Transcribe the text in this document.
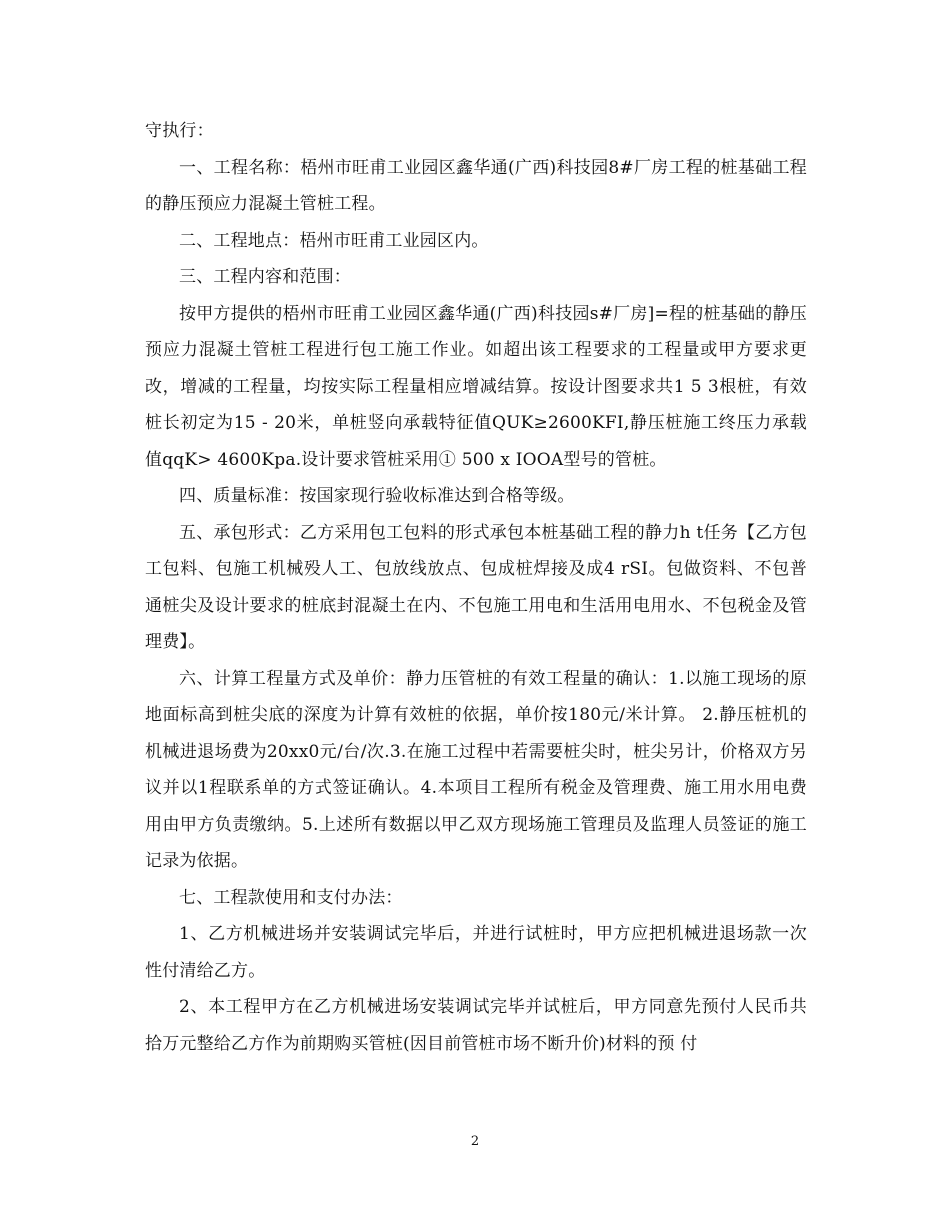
守执行：

一、工程名称：梧州市旺甫工业园区鑫华通(广西)科技园8#厂房工程的桩基础工程的静压预应力混凝土管桩工程。

二、工程地点：梧州市旺甫工业园区内。

三、工程内容和范围：

按甲方提供的梧州市旺甫工业园区鑫华通(广西)科技园s#厂房]=程的桩基础的静压预应力混凝土管桩工程进行包工施工作业。如超出该工程要求的工程量或甲方要求更改，增减的工程量，均按实际工程量相应增减结算。按设计图要求共1 5 3根桩，有效桩长初定为15 - 20米，单桩竖向承载特征值QUK≥2600KFI,静压桩施工终压力承载值qqK> 4600Kpa.设计要求管桩采用① 500 x IOOA型号的管桩。

四、质量标准：按国家现行验收标准达到合格等级。

五、承包形式：乙方采用包工包料的形式承包本桩基础工程的静力h t任务【乙方包工包料、包施工机械殁人工、包放线放点、包成桩焊接及成4 rSI。包做资料、不包普通桩尖及设计要求的桩底封混凝土在内、不包施工用电和生活用电用水、不包税金及管理费】。

六、计算工程量方式及单价：静力压管桩的有效工程量的确认：1.以施工现场的原地面标高到桩尖底的深度为计算有效桩的依据，单价按180元/米计算。 2.静压桩机的机械进退场费为20xx0元/台/次.3.在施工过程中若需要桩尖时，桩尖另计，价格双方另议并以1程联系单的方式签证确认。4.本项目工程所有税金及管理费、施工用水用电费用由甲方负责缴纳。5.上述所有数据以甲乙双方现场施工管理员及监理人员签证的施工记录为依据。

七、工程款使用和支付办法：

1、乙方机械进场并安装调试完毕后，并进行试桩时，甲方应把机械进退场款一次性付清给乙方。

2、本工程甲方在乙方机械进场安装调试完毕并试桩后，甲方同意先预付人民币共 拾万元整给乙方作为前期购买管桩(因目前管桩市场不断升价)材料的预 付

2
